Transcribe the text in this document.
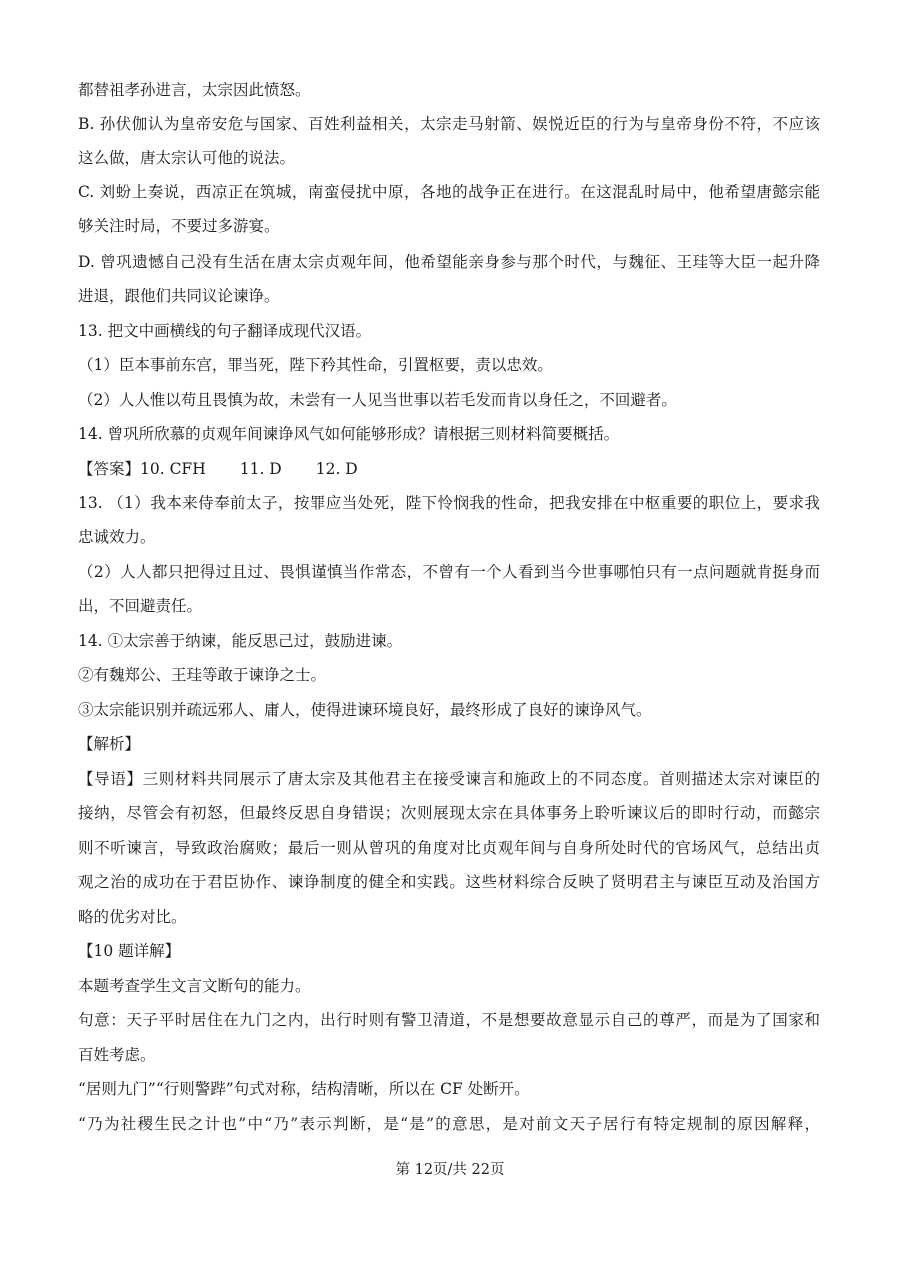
都替祖孝孙进言，太宗因此愤怒。
B. 孙伏伽认为皇帝安危与国家、百姓利益相关，太宗走马射箭、娱悦近臣的行为与皇帝身份不符，不应该
这么做，唐太宗认可他的说法。
C. 刘蚡上奏说，西凉正在筑城，南蛮侵扰中原，各地的战争正在进行。在这混乱时局中，他希望唐懿宗能
够关注时局，不要过多游宴。
D. 曾巩遗憾自己没有生活在唐太宗贞观年间，他希望能亲身参与那个时代，与魏征、王珪等大臣一起升降
进退，跟他们共同议论谏诤。
13. 把文中画横线的句子翻译成现代汉语。
（1）臣本事前东宫，罪当死，陛下矜其性命，引置枢要，责以忠效。
（2）人人惟以苟且畏慎为故，未尝有一人见当世事以若毛发而肯以身任之，不回避者。
14. 曾巩所欣慕的贞观年间谏诤风气如何能够形成？请根据三则材料简要概括。
【答案】10. CFH 11. D 12. D
13. （1）我本来侍奉前太子，按罪应当处死，陛下怜悯我的性命，把我安排在中枢重要的职位上，要求我
忠诚效力。
（2）人人都只把得过且过、畏惧谨慎当作常态，不曾有一个人看到当今世事哪怕只有一点问题就肯挺身而
出，不回避责任。
14. ①太宗善于纳谏，能反思己过，鼓励进谏。
②有魏郑公、王珪等敢于谏诤之士。
③太宗能识别并疏远邪人、庸人，使得进谏环境良好，最终形成了良好的谏诤风气。
【解析】
【导语】三则材料共同展示了唐太宗及其他君主在接受谏言和施政上的不同态度。首则描述太宗对谏臣的
接纳，尽管会有初怒，但最终反思自身错误；次则展现太宗在具体事务上聆听谏议后的即时行动，而懿宗
则不听谏言，导致政治腐败；最后一则从曾巩的角度对比贞观年间与自身所处时代的官场风气，总结出贞
观之治的成功在于君臣协作、谏诤制度的健全和实践。这些材料综合反映了贤明君主与谏臣互动及治国方
略的优劣对比。
【10 题详解】
本题考查学生文言文断句的能力。
句意：天子平时居住在九门之内，出行时则有警卫清道，不是想要故意显示自己的尊严，而是为了国家和
百姓考虑。
“居则九门”“行则警跸”句式对称，结构清晰，所以在 CF 处断开。
“乃为社稷生民之计也”中“乃”表示判断，是“是”的意思，是对前文天子居行有特定规制的原因解释，
第 12页/共 22页
